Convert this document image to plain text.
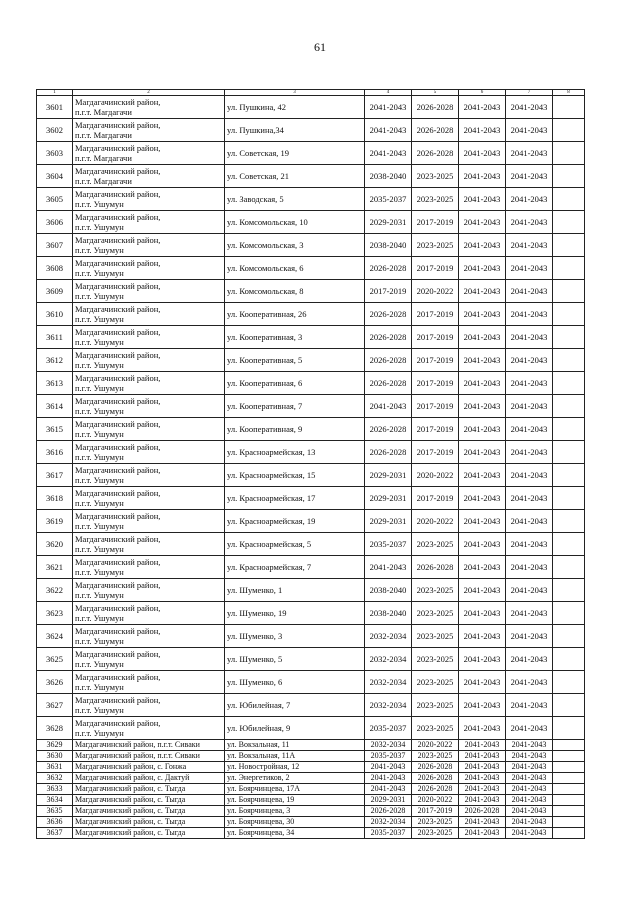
61
1	2	3	4	5	6	7	8
3601	Магдагачинский район,
п.г.т. Магдагачи	ул. Пушкина, 42	2041-2043	2026-2028	2041-2043	2041-2043	
3602	Магдагачинский район,
п.г.т. Магдагачи	ул. Пушкина,34	2041-2043	2026-2028	2041-2043	2041-2043	
3603	Магдагачинский район,
п.г.т. Магдагачи	ул. Советская, 19	2041-2043	2026-2028	2041-2043	2041-2043	
3604	Магдагачинский район,
п.г.т. Магдагачи	ул. Советская, 21	2038-2040	2023-2025	2041-2043	2041-2043	
3605	Магдагачинский район,
п.г.т. Ушумун	ул. Заводская, 5	2035-2037	2023-2025	2041-2043	2041-2043	
3606	Магдагачинский район,
п.г.т. Ушумун	ул. Комсомольская, 10	2029-2031	2017-2019	2041-2043	2041-2043	
3607	Магдагачинский район,
п.г.т. Ушумун	ул. Комсомольская, 3	2038-2040	2023-2025	2041-2043	2041-2043	
3608	Магдагачинский район,
п.г.т. Ушумун	ул. Комсомольская, 6	2026-2028	2017-2019	2041-2043	2041-2043	
3609	Магдагачинский район,
п.г.т. Ушумун	ул. Комсомольская, 8	2017-2019	2020-2022	2041-2043	2041-2043	
3610	Магдагачинский район,
п.г.т. Ушумун	ул. Кооперативная, 26	2026-2028	2017-2019	2041-2043	2041-2043	
3611	Магдагачинский район,
п.г.т. Ушумун	ул. Кооперативная, 3	2026-2028	2017-2019	2041-2043	2041-2043	
3612	Магдагачинский район,
п.г.т. Ушумун	ул. Кооперативная, 5	2026-2028	2017-2019	2041-2043	2041-2043	
3613	Магдагачинский район,
п.г.т. Ушумун	ул. Кооперативная, 6	2026-2028	2017-2019	2041-2043	2041-2043	
3614	Магдагачинский район,
п.г.т. Ушумун	ул. Кооперативная, 7	2041-2043	2017-2019	2041-2043	2041-2043	
3615	Магдагачинский район,
п.г.т. Ушумун	ул. Кооперативная, 9	2026-2028	2017-2019	2041-2043	2041-2043	
3616	Магдагачинский район,
п.г.т. Ушумун	ул. Красноармейская, 13	2026-2028	2017-2019	2041-2043	2041-2043	
3617	Магдагачинский район,
п.г.т. Ушумун	ул. Красноармейская, 15	2029-2031	2020-2022	2041-2043	2041-2043	
3618	Магдагачинский район,
п.г.т. Ушумун	ул. Красноармейская, 17	2029-2031	2017-2019	2041-2043	2041-2043	
3619	Магдагачинский район,
п.г.т. Ушумун	ул. Красноармейская, 19	2029-2031	2020-2022	2041-2043	2041-2043	
3620	Магдагачинский район,
п.г.т. Ушумун	ул. Красноармейская, 5	2035-2037	2023-2025	2041-2043	2041-2043	
3621	Магдагачинский район,
п.г.т. Ушумун	ул. Красноармейская, 7	2041-2043	2026-2028	2041-2043	2041-2043	
3622	Магдагачинский район,
п.г.т. Ушумун	ул. Шуменко, 1	2038-2040	2023-2025	2041-2043	2041-2043	
3623	Магдагачинский район,
п.г.т. Ушумун	ул. Шуменко, 19	2038-2040	2023-2025	2041-2043	2041-2043	
3624	Магдагачинский район,
п.г.т. Ушумун	ул. Шуменко, 3	2032-2034	2023-2025	2041-2043	2041-2043	
3625	Магдагачинский район,
п.г.т. Ушумун	ул. Шуменко, 5	2032-2034	2023-2025	2041-2043	2041-2043	
3626	Магдагачинский район,
п.г.т. Ушумун	ул. Шуменко, 6	2032-2034	2023-2025	2041-2043	2041-2043	
3627	Магдагачинский район,
п.г.т. Ушумун	ул. Юбилейная, 7	2032-2034	2023-2025	2041-2043	2041-2043	
3628	Магдагачинский район,
п.г.т. Ушумун	ул. Юбилейная, 9	2035-2037	2023-2025	2041-2043	2041-2043	
3629	Магдагачинский район, п.г.т. Сиваки	ул. Вокзальная, 11	2032-2034	2020-2022	2041-2043	2041-2043	
3630	Магдагачинский район, п.г.т. Сиваки	ул. Вокзальная, 11А	2035-2037	2023-2025	2041-2043	2041-2043	
3631	Магдагачинский район, с. Гонжа	ул. Новостройная, 12	2041-2043	2026-2028	2041-2043	2041-2043	
3632	Магдагачинский район, с. Дактуй	ул. Энергетиков, 2	2041-2043	2026-2028	2041-2043	2041-2043	
3633	Магдагачинский район, с. Тыгда	ул. Боярчинцева, 17А	2041-2043	2026-2028	2041-2043	2041-2043	
3634	Магдагачинский район, с. Тыгда	ул. Боярчинцева, 19	2029-2031	2020-2022	2041-2043	2041-2043	
3635	Магдагачинский район, с. Тыгда	ул. Боярчинцева, 3	2026-2028	2017-2019	2026-2028	2041-2043	
3636	Магдагачинский район, с. Тыгда	ул. Боярчинцева, 30	2032-2034	2023-2025	2041-2043	2041-2043	
3637	Магдагачинский район, с. Тыгда	ул. Боярчинцева, 34	2035-2037	2023-2025	2041-2043	2041-2043	
